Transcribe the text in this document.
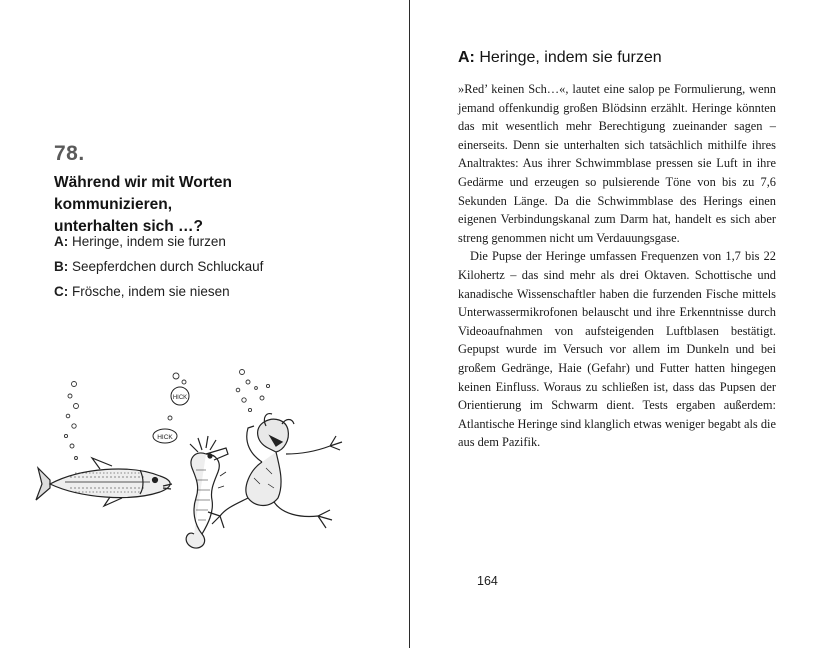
78.
Während wir mit Worten kommunizieren,
unterhalten sich …?
A: Heringe, indem sie furzen
B: Seepferdchen durch Schluckauf
C: Frösche, indem sie niesen
HICK
HICK
A: Heringe, indem sie furzen

»Red’ keinen Sch…«, lautet eine salop pe Formulierung, wenn jemand offenkundig großen Blödsinn erzählt. Heringe könnten das mit wesentlich mehr Berechtigung zueinander sagen – einerseits. Denn sie unterhalten sich tatsächlich mithilfe ihres Analtraktes: Aus ihrer Schwimmblase pressen sie Luft in ihre Gedärme und erzeugen so pulsierende Töne von bis zu 7,6 Sekunden Länge. Da die Schwimmblase des Herings einen eigenen Verbindungskanal zum Darm hat, handelt es sich aber streng genommen nicht um Verdauungsgase.

Die Pupse der Heringe umfassen Frequenzen von 1,7 bis 22 Kilohertz – das sind mehr als drei Oktaven. Schottische und kanadische Wissenschaftler haben die furzenden Fische mittels Unterwassermikrofonen belauscht und ihre Erkenntnisse durch Videoaufnahmen von aufsteigenden Luftblasen bestätigt. Gepupst wurde im Versuch vor allem im Dunkeln und bei großem Gedränge, Haie (Gefahr) und Futter hatten hingegen keinen Einfluss. Woraus zu schließen ist, dass das Pupsen der Orientierung im Schwarm dient. Tests ergaben außerdem: Atlantische Heringe sind klanglich etwas weniger begabt als die aus dem Pazifik.

164
